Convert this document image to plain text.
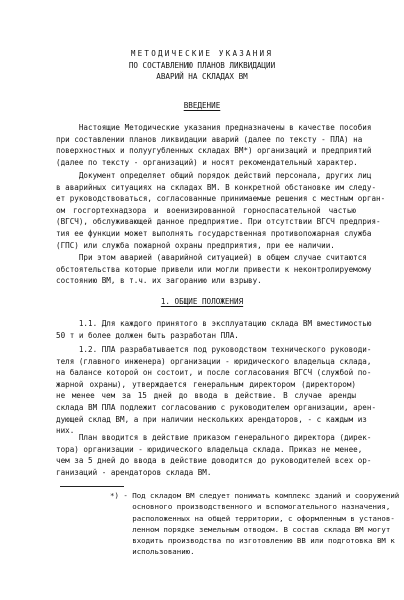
МЕТОДИЧЕСКИЕ УКАЗАНИЯ
ПО СОСТАВЛЕНИЮ ПЛАНОВ ЛИКВИДАЦИИ
АВАРИЙ НА СКЛАДАХ ВМ
ВВЕДЕНИЕ
Настоящие Методические указания предназначены в качестве пособия
при составлении планов ликвидации аварий (далее по тексту - ПЛА) на
поверхностных и полуугубленных складах ВМ*) организаций и предприятий
(далее по тексту - организаций) и носят рекомендательный характер.
Документ определяет общий порядок действий персонала, других лиц
в аварийных ситуациях на складах ВМ. В конкретной обстановке им следу-
ет руководствоваться, согласованные принимаемые решения с местным орган-
ом госгортехнадзора и военизированной горноспасательной частью
(ВГСЧ), обслуживающей данное предприятие. При отсутствии ВГСЧ предприя-
тия ее функции может выполнять государственная противопожарная служба
(ГПС) или служба пожарной охраны предприятия, при ее наличии.
При этом аварией (аварийной ситуацией) в общем случае считаются
обстоятельства которые привели или могли привести к неконтролируемому
состоянию ВМ, в т.ч. их загоранию или взрыву.
1. ОБЩИЕ ПОЛОЖЕНИЯ
1.1. Для каждого принятого в эксплуатацию склада ВМ вместимостью
50 т и более должен быть разработан ПЛА.
1.2. ПЛА разрабатывается под руководством технического руководи-
теля (главного инженера) организации - юридического владельца склада,
на балансе которой он состоит, и после согласования ВГСЧ (службой по-
жарной охраны), утверждается генеральным директором (директором)
не менее чем за 15 дней до ввода в действие. В случае аренды
склада ВМ ПЛА подлежит согласованию с руководителем организации, арен-
дующей склад ВМ, а при наличии нескольких арендаторов, - с каждым из
них.
План вводится в действие приказом генерального директора (дирек-
тора) организации - юридического владельца склада. Приказ не менее,
чем за 5 дней до ввода в действие доводится до руководителей всех ор-
ганизаций - арендаторов склада ВМ.
*) - Под складом ВМ следует понимать комплекс зданий и сооружений
основного производственного и вспомогательного назначения,
расположенных на общей территории, с оформленным в установ-
ленном порядке земельным отводом. В состав склада ВМ могут
входить производства по изготовлению ВВ или подготовка ВМ к
использованию.
